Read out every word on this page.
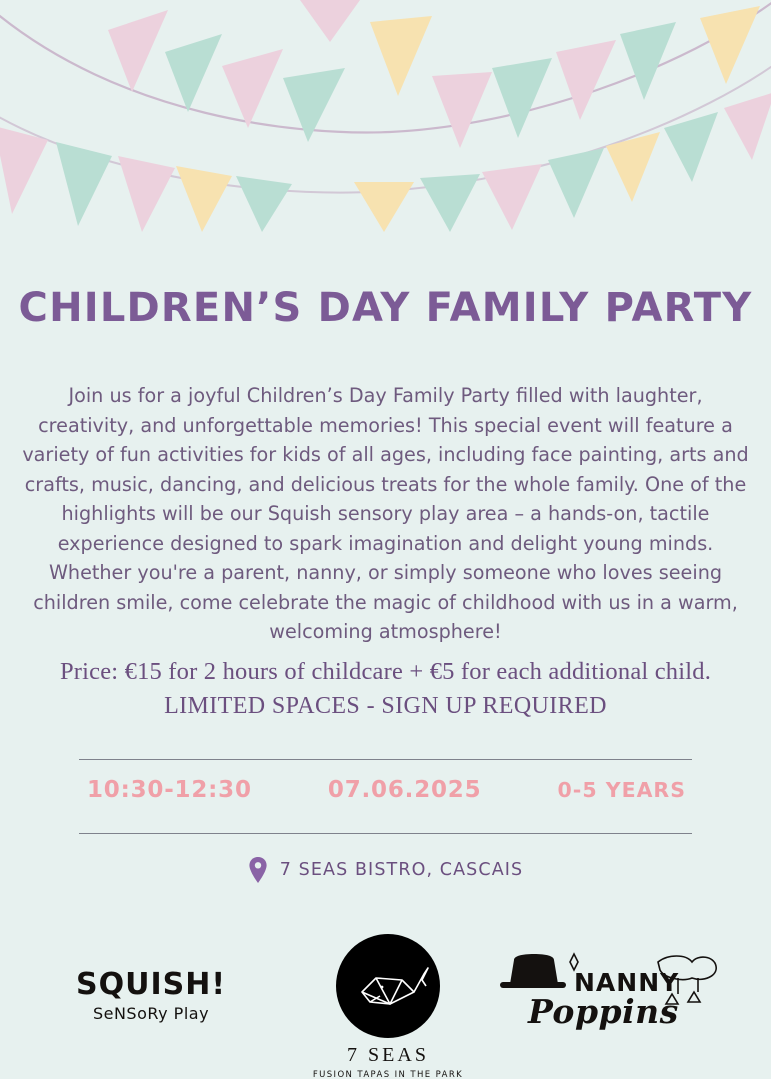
CHILDREN’S DAY FAMILY PARTY

Join us for a joyful Children’s Day Family Party filled with laughter, creativity, and unforgettable memories! This special event will feature a variety of fun activities for kids of all ages, including face painting, arts and crafts, music, dancing, and delicious treats for the whole family. One of the highlights will be our Squish sensory play area – a hands-on, tactile experience designed to spark imagination and delight young minds. Whether you're a parent, nanny, or simply someone who loves seeing children smile, come celebrate the magic of childhood with us in a warm, welcoming atmosphere!

Price: €15 for 2 hours of childcare + €5 for each additional child.
LIMITED SPACES - SIGN UP REQUIRED
10:30-12:30	07.06.2025	0-5 YEARS
7 SEAS BISTRO, CASCAIS
SQUISH!
SeNSoRy Play
7 SEAS
FUSION TAPAS IN THE PARK
NANNY
Poppins
